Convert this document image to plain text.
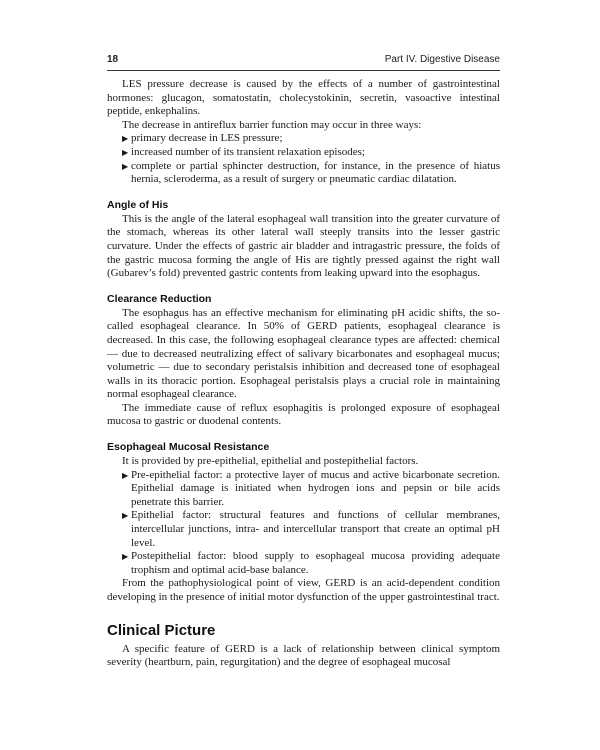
18	Part IV. Digestive Disease

LES pressure decrease is caused by the effects of a number of gastrointestinal hormones: glucagon, somatostatin, cholecystokinin, secretin, vasoactive intestinal peptide, enkephalins.

The decrease in antireflux barrier function may occur in three ways:

▶ primary decrease in LES pressure;
▶ increased number of its transient relaxation episodes;
▶ complete or partial sphincter destruction, for instance, in the presence of hiatus hernia, scleroderma, as a result of surgery or pneumatic cardiac dilatation.
Angle of His

This is the angle of the lateral esophageal wall transition into the greater curvature of the stomach, whereas its other lateral wall steeply transits into the lesser gastric curvature. Under the effects of gastric air bladder and intragastric pressure, the folds of the gastric mucosa forming the angle of His are tightly pressed against the right wall (Gubarev’s fold) prevented gastric contents from leaking upward into the esophagus.

Clearance Reduction

The esophagus has an effective mechanism for eliminating pH acidic shifts, the so-called esophageal clearance. In 50% of GERD patients, esophageal clearance is decreased. In this case, the following esophageal clearance types are affected: chemical — due to decreased neutralizing effect of salivary bicarbonates and esophageal mucus; volumetric — due to secondary peristalsis inhibition and decreased tone of esophageal walls in its thoracic portion. Esophageal peristalsis plays a crucial role in maintaining normal esophageal clearance.

The immediate cause of reflux esophagitis is prolonged exposure of esophageal mucosa to gastric or duodenal contents.

Esophageal Mucosal Resistance

It is provided by pre-epithelial, epithelial and postepithelial factors.

▶ Pre-epithelial factor: a protective layer of mucus and active bicarbonate secretion. Epithelial damage is initiated when hydrogen ions and pepsin or bile acids penetrate this barrier.
▶ Epithelial factor: structural features and functions of cellular membranes, intercellular junctions, intra- and intercellular transport that create an optimal pH level.
▶ Postepithelial factor: blood supply to esophageal mucosa providing adequate trophism and optimal acid-base balance.

From the pathophysiological point of view, GERD is an acid-dependent condition developing in the presence of initial motor dysfunction of the upper gastrointestinal tract.

Clinical Picture

A specific feature of GERD is a lack of relationship between clinical symptom severity (heartburn, pain, regurgitation) and the degree of esophageal mucosal
